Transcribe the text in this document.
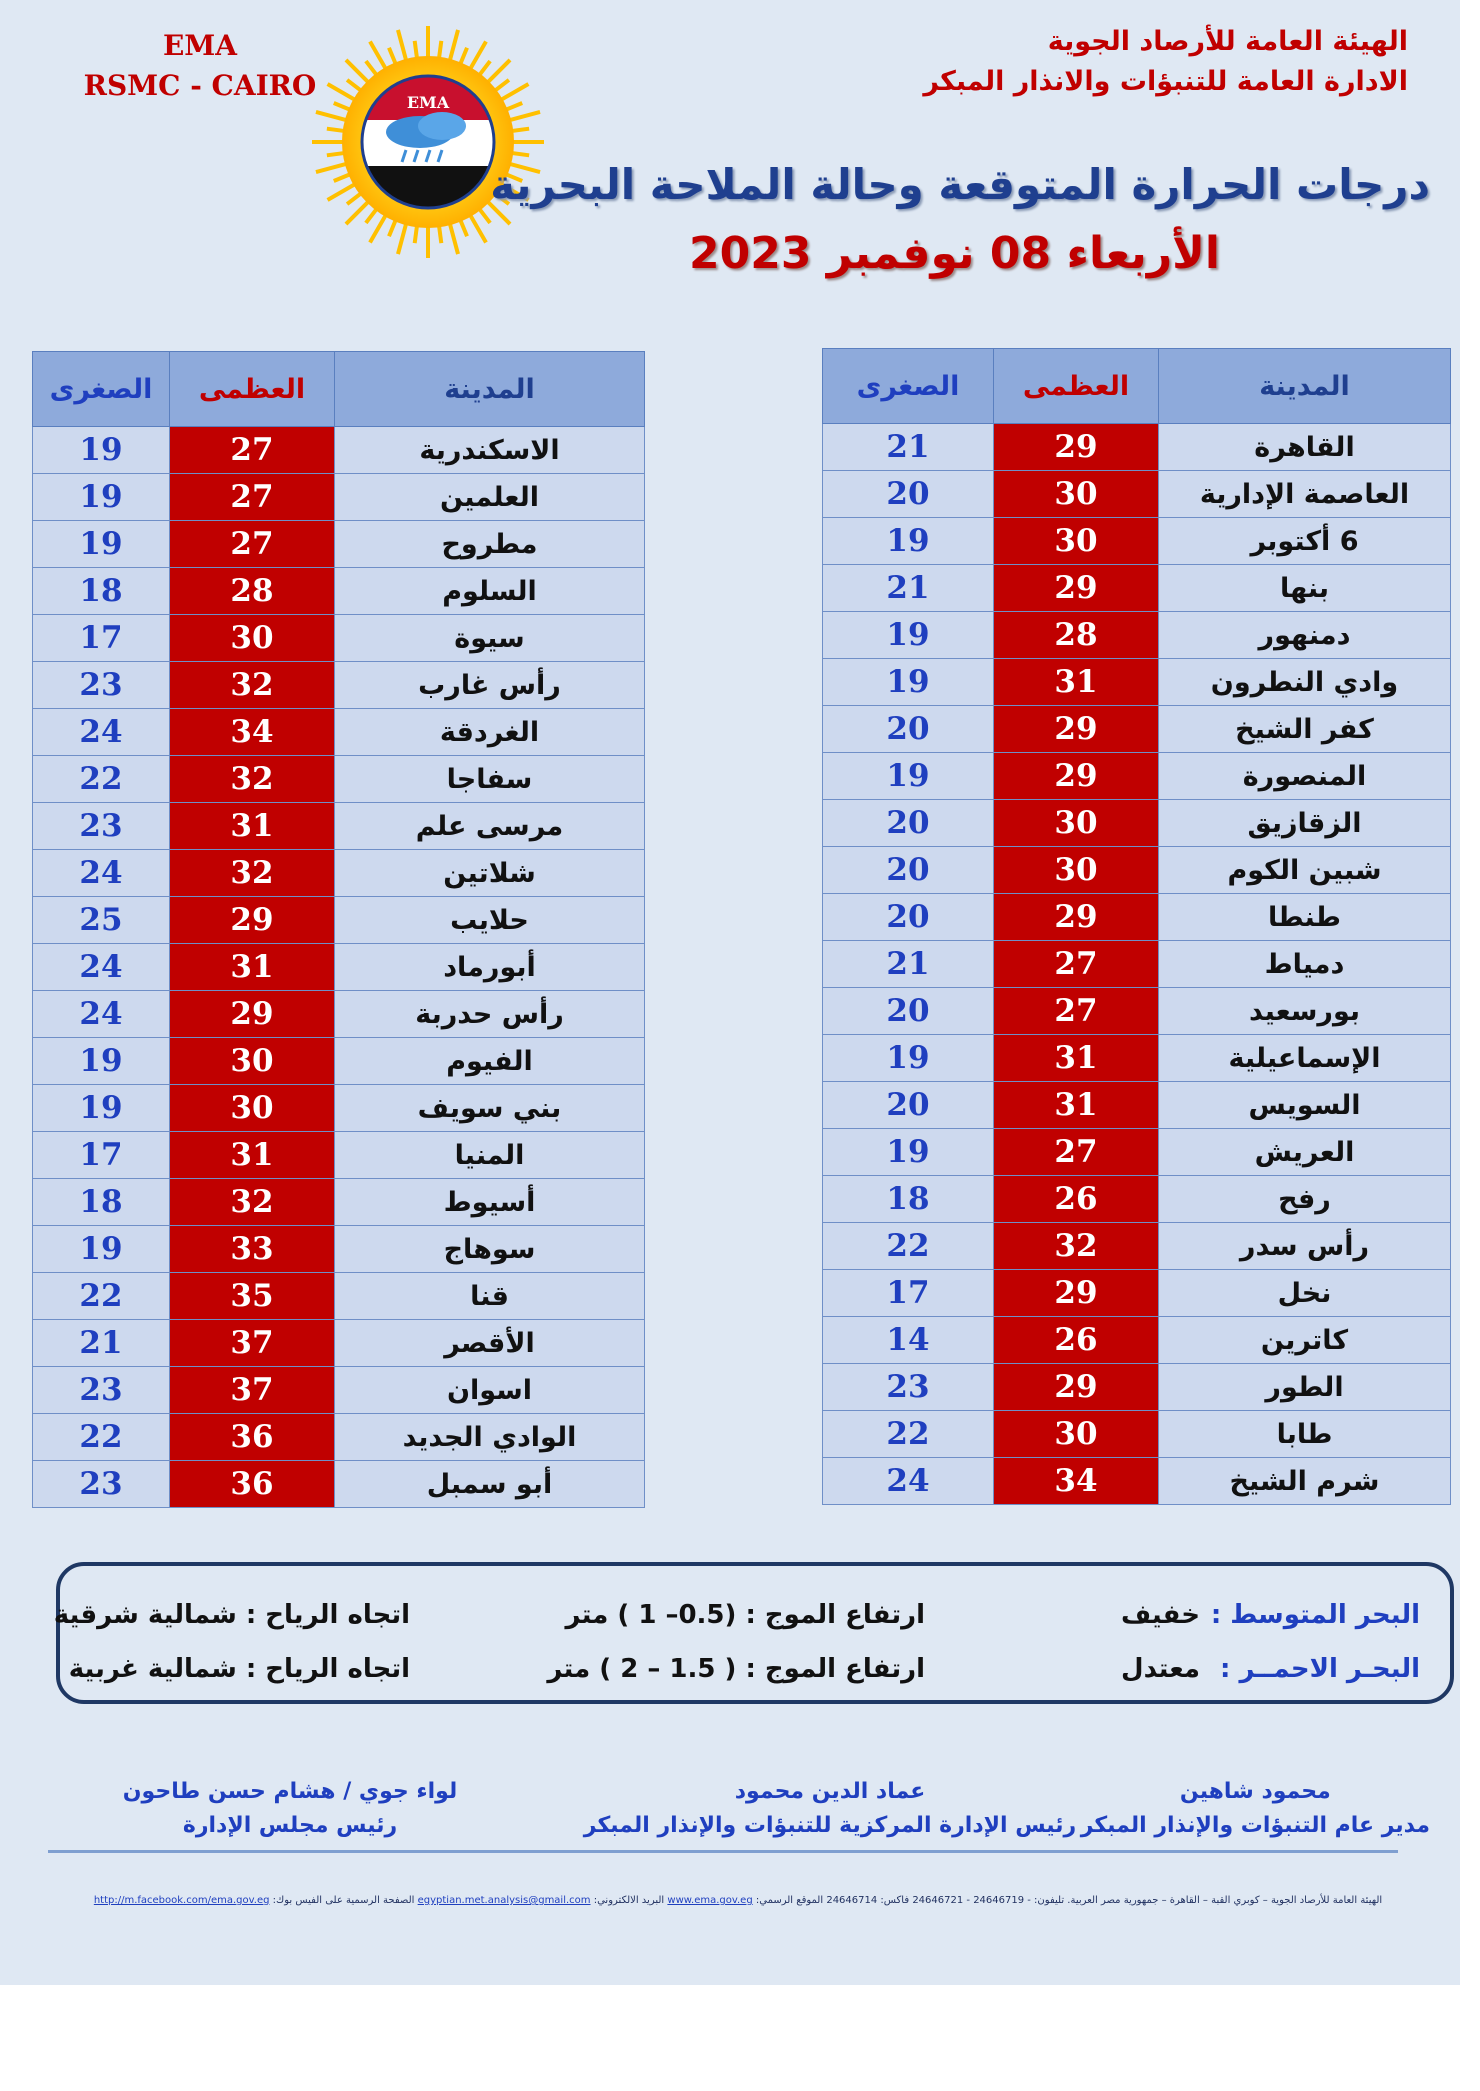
EMA
RSMC - CAIRO
EMA
الهيئة العامة للأرصاد الجوية
الادارة العامة للتنبؤات والانذار المبكر
درجات الحرارة المتوقعة وحالة الملاحة البحرية
الأربعاء 08 نوفمبر 2023
المدينة	العظمى	الصغرى
القاهرة	29	21
العاصمة الإدارية	30	20
6 أكتوبر	30	19
بنها	29	21
دمنهور	28	19
وادي النطرون	31	19
كفر الشيخ	29	20
المنصورة	29	19
الزقازيق	30	20
شبين الكوم	30	20
طنطا	29	20
دمياط	27	21
بورسعيد	27	20
الإسماعيلية	31	19
السويس	31	20
العريش	27	19
رفح	26	18
رأس سدر	32	22
نخل	29	17
كاترين	26	14
الطور	29	23
طابا	30	22
شرم الشيخ	34	24
المدينة	العظمى	الصغرى
الاسكندرية	27	19
العلمين	27	19
مطروح	27	19
السلوم	28	18
سيوة	30	17
رأس غارب	32	23
الغردقة	34	24
سفاجا	32	22
مرسى علم	31	23
شلاتين	32	24
حلايب	29	25
أبورماد	31	24
رأس حدربة	29	24
الفيوم	30	19
بني سويف	30	19
المنيا	31	17
أسيوط	32	18
سوهاج	33	19
قنا	35	22
الأقصر	37	21
اسوان	37	23
الوادي الجديد	36	22
أبو سمبل	36	23
البحر المتوسط :
خفيف
ارتفاع الموج : (0.5– 1 ) متر
اتجاه الرياح : شمالية شرقية
البحـر الاحمــر :
معتدل
ارتفاع الموج : ( 1.5 – 2 ) متر
اتجاه الرياح : شمالية غربية
محمود شاهين
مدير عام التنبؤات والإنذار المبكر
عماد الدين محمود
رئيس الإدارة المركزية للتنبؤات والإنذار المبكر
لواء جوي / هشام حسن طاحون
رئيس مجلس الإدارة
الهيئة العامة للأرصاد الجوية – كوبري القبة – القاهرة – جمهورية مصر العربية. تليفون: - 24646719 - 24646721 فاكس: 24646714 الموقع الرسمي: www.ema.gov.eg البريد الالكتروني: egyptian.met.analysis@gmail.com الصفحة الرسمية على الفيس بوك: http://m.facebook.com/ema.gov.eg
